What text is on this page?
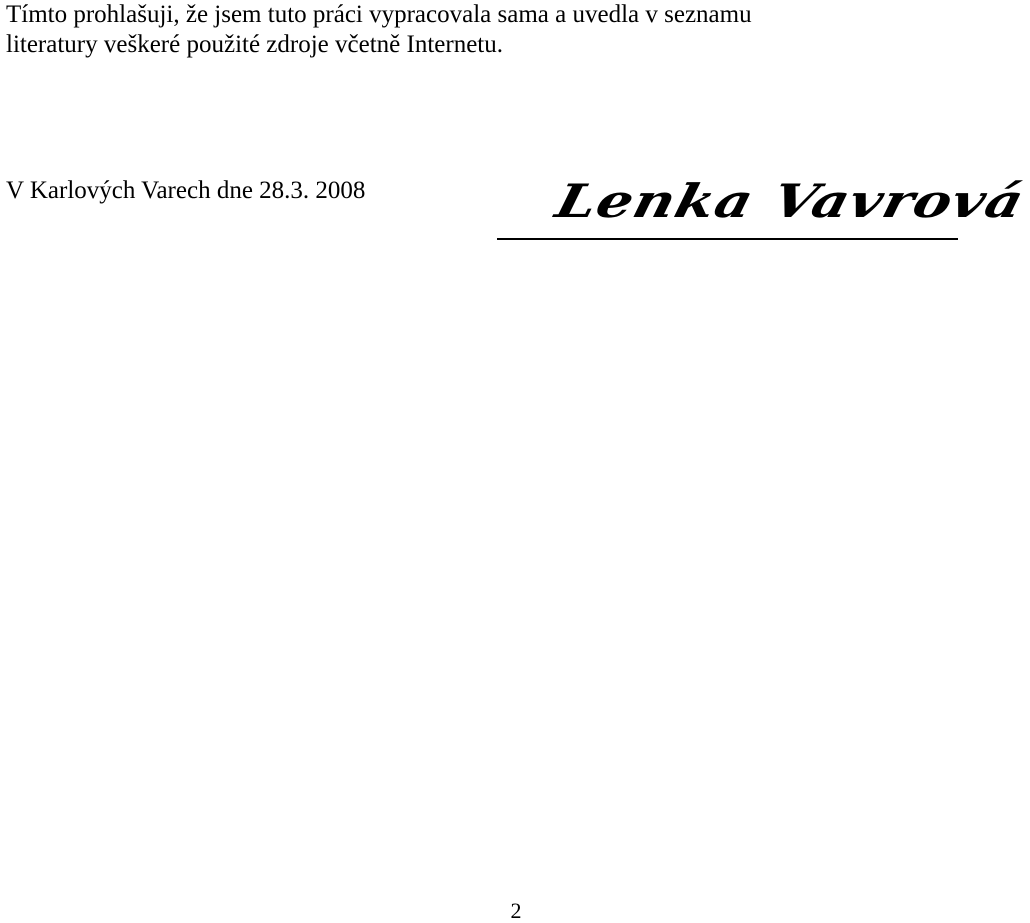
Tímto prohlašuji, že jsem tuto práci vypracovala sama a uvedla v seznamu
literatury veškeré použité zdroje včetně Internetu.

V Karlových Varech dne 28.3. 2008	Lenka Vavrová
2
